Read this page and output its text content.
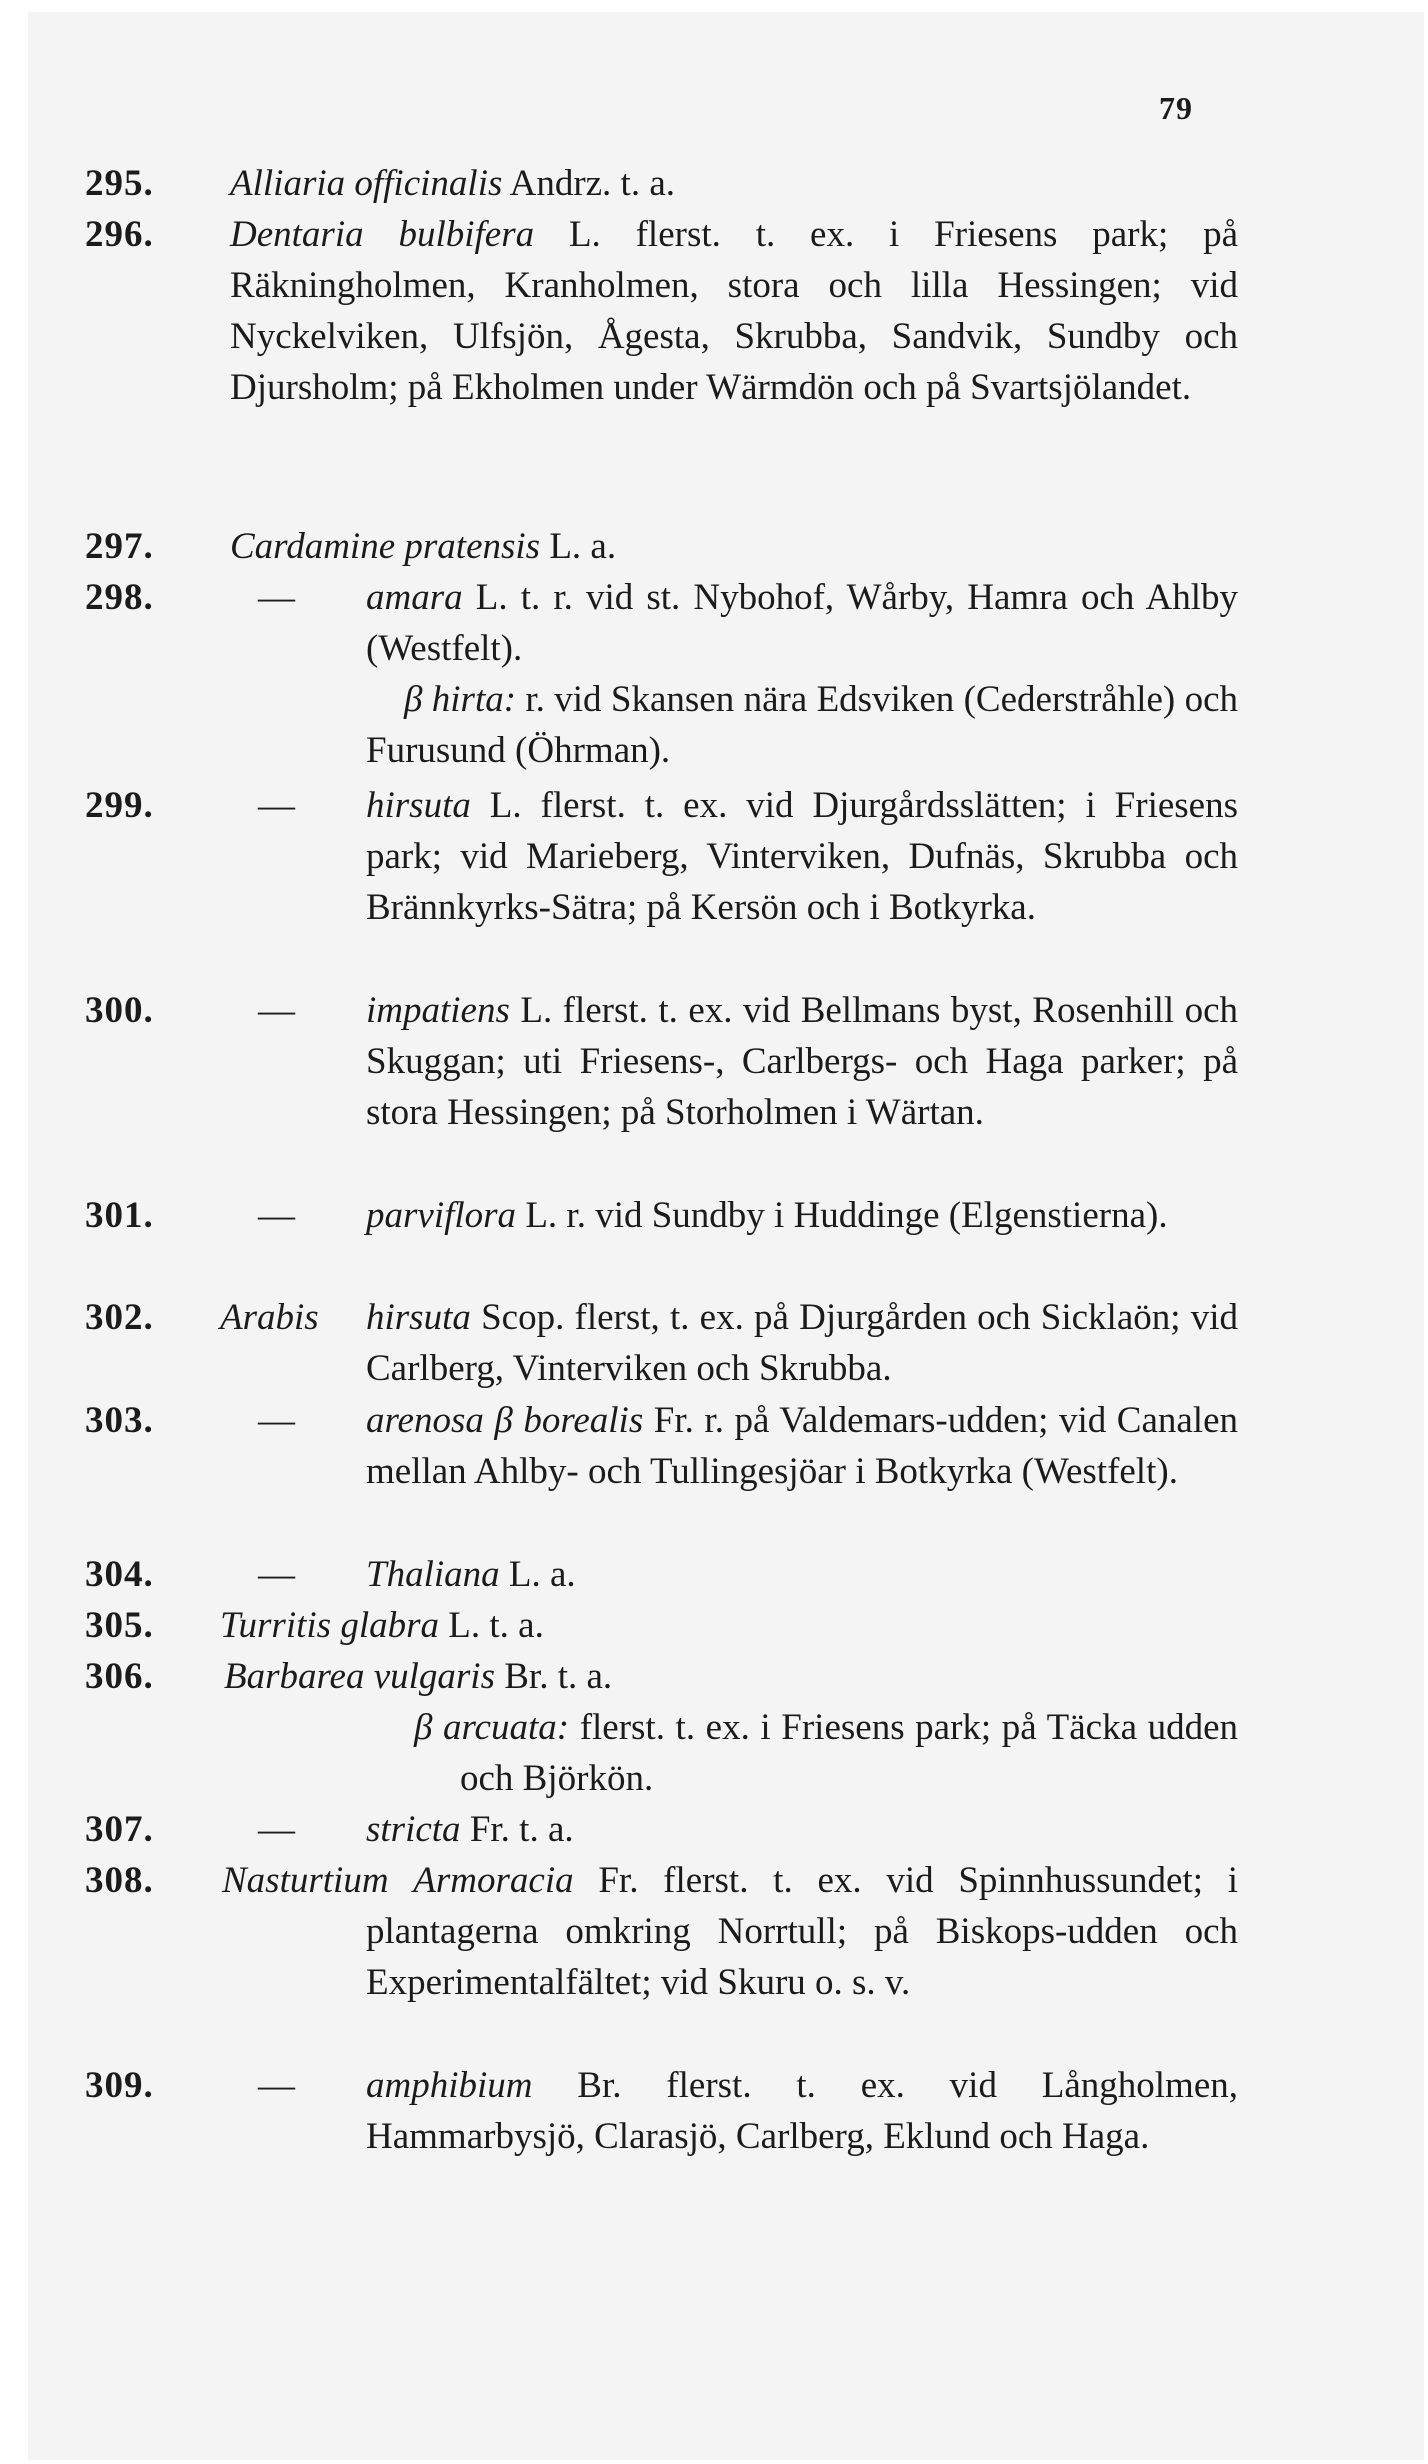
79
295. Alliaria officinalis Andrz. t. a.
296. Dentaria bulbifera L. flerst. t. ex. i Friesens park; på Räkningholmen, Kranholmen, stora och lilla Hessingen; vid Nyckelviken, Ulfsjön, Ågesta, Skrubba, Sandvik, Sundby och Djursholm; på Ekholmen under Wärmdön och på Svartsjölandet.
297. Cardamine pratensis L. a.
298.	— amara L. t. r. vid st. Nybohof, Wårby, Hamra och Ahlby (Westfelt).
β hirta: r. vid Skansen nära Edsviken (Cederstråhle) och Furusund (Öhrman).
299.	— hirsuta L. flerst. t. ex. vid Djurgårdsslätten; i Friesens park; vid Marieberg, Vinterviken, Dufnäs, Skrubba och Brännkyrks-Sätra; på Kersön och i Botkyrka.
300.	— impatiens L. flerst. t. ex. vid Bellmans byst, Rosenhill och Skuggan; uti Friesens-, Carlbergs- och Haga parker; på stora Hessingen; på Storholmen i Wärtan.
301.	— parviflora L. r. vid Sundby i Huddinge (Elgenstierna).
302. Arabis hirsuta Scop. flerst, t. ex. på Djurgården och Sicklaön; vid Carlberg, Vinterviken och Skrubba.
303.	— arenosa β borealis Fr. r. på Valdemars-udden; vid Canalen mellan Ahlby- och Tullingesjöar i Botkyrka (Westfelt).
304.	— Thaliana L. a.
305. Turritis glabra L. t. a.
306. Barbarea vulgaris Br. t. a.
β arcuata: flerst. t. ex. i Friesens park; på Täcka udden och Björkön.
307.	— stricta Fr. t. a.
308. Nasturtium Armoracia Fr. flerst. t. ex. vid Spinnhussundet; i plantagerna omkring Norrtull; på Biskops-udden och Experimentalfältet; vid Skuru o. s. v.
309.	— amphibium Br. flerst. t. ex. vid Långholmen, Hammarbysjö, Clarasjö, Carlberg, Eklund och Haga.
